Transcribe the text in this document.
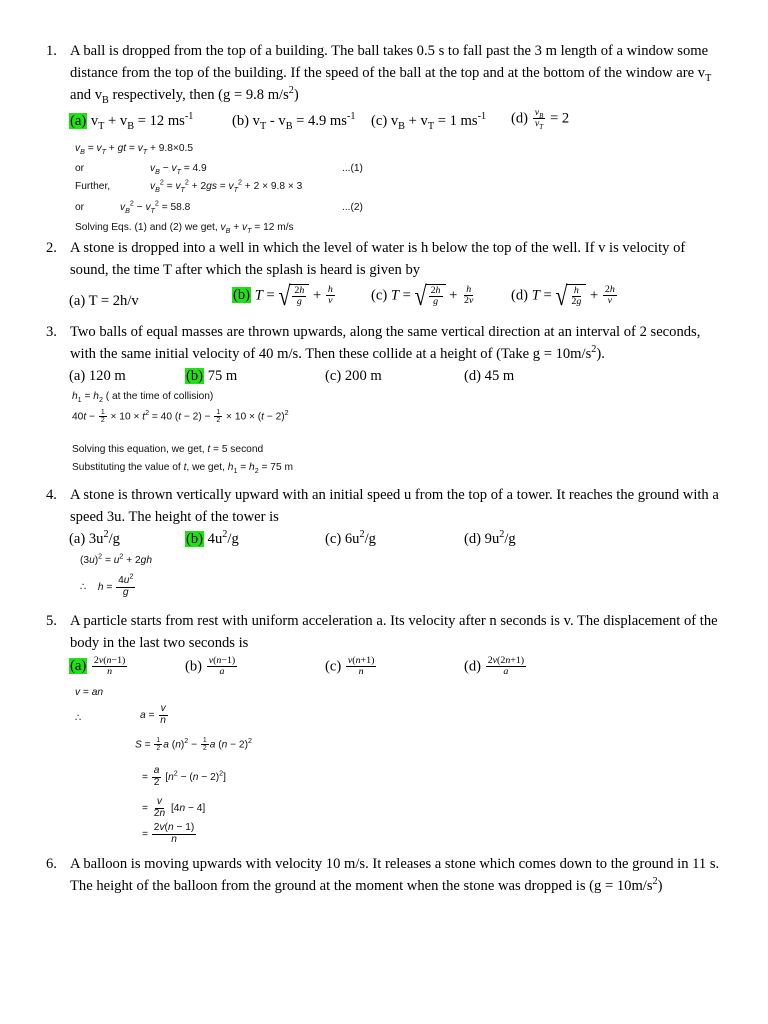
1. A ball is dropped from the top of a building. The ball takes 0.5 s to fall past the 3 m length of a window some distance from the top of the building. If the speed of the ball at the top and at the bottom of the window are $v_T$ and $v_B$ respectively, then (g = 9.8 $m/s^2$)
(a) $v_T + v_B = 12$ $ms^{-1}$	(b) $v_T - v_B = 4.9$ $ms^{-1}$ (c) $v_B + v_T = 1$ $ms^{-1}$ $(d) \frac{v_B}{v_T} = 2$
$v_B = v_T$ + gt = $v_T + 9.8\times 0.5$
or	$v_B - v_T = 4.9$	...(1)
Further,	$v_B^2 = v_T^2 + 2gs = v_T^2 + 2 \times 9.8 \times 3$
or	$v_B^2 - v_T^2 = 58.8$	...(2)
Solving Eqs. (1) and (2) we get, $v_B + v_T = 12$ m/s
2. A stone is dropped into a well in which the level of water is h below the top of the well. If v is velocity of sound, the time T after which the splash is heard is given by
(a) T = 2h/v	(b) T = √ $\frac{2h}{g} + \frac{h}{v} (c) T$ = √ $\frac{2h}{g} + \frac{h}{2v} (d) T$ = √ $\frac{h}{2g} + \frac{2h}{v}$
3. Two balls of equal masses are thrown upwards, along the same vertical direction at an interval of 2 seconds, with the same initial velocity of 40 m/s. Then these collide at a height of (Take $g = 10m/s^2$).
(a) 120 m	(b) 75 m	(c) 200 m	(d) 45 m
$h_1 = h_2$ ( at the time of collision)
$40t - \frac{1}{2} \times 10 \times t^2 = 40$ $(t - 2) - \frac{1}{2} \times 10 \times (t - 2)^2$
Solving this equation, we get, t = 5 second
Substituting the value of t, we get, $h_1 = h_2 = 75$ m
4. A stone is thrown vertically upward with an initial speed u from the top of a tower. It reaches the ground with a speed 3u. The height of the tower is
(a) $3u^2/g$	(b) $4u^2/g$	(c) $6u^2/g$	(d) $9u^2/g$
$(3u)^2 = u^2 + 2gh$
∴    $h = \frac{4u^2}{g}$
5. A particle starts from rest with uniform acceleration a. Its velocity after n seconds is v. The displacement of the body in the last two seconds is
$(a) \frac{2v(n-1)}{n}$	$(b) \frac{v(n-1)}{a}$	$(c) \frac{v(n+1)}{n}$	$(d) \frac{2v(2n+1)}{a}$
v = an
∴	$a = \frac{v}{n}$
$S = \frac{1}{2}$ a $(n)^2 - \frac{1}{2}$ a $(n - 2)^2$
= $\frac{a}{2} [n^2 - (n - 2)^2]$
= $\frac{v}{2n} [4n - 4]$
= $\frac{2v(n - 1)}{n}$
6. A balloon is moving upwards with velocity 10 m/s. It releases a stone which comes down to the ground in 11 s. The height of the balloon from the ground at the moment when the stone was dropped is $(g = 10m/s^2)$
